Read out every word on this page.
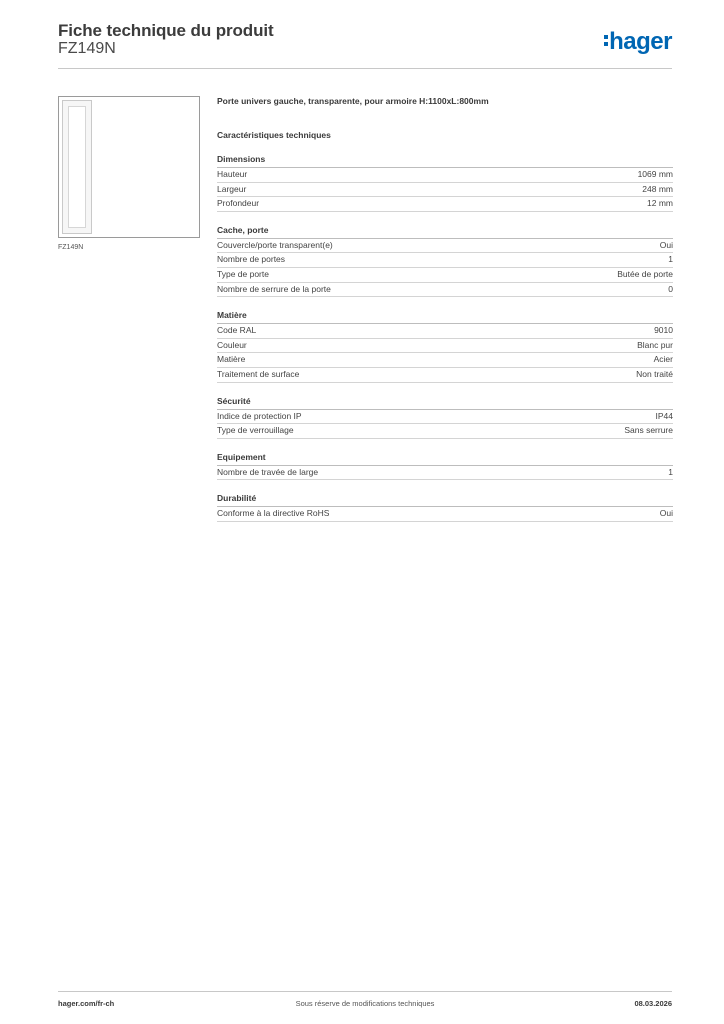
Fiche technique du produit
FZ149N	hager
FZ149N

Porte univers gauche, transparente, pour armoire H:1100xL:800mm

Caractéristiques techniques
Dimensions
Hauteur	1069 mm
Largeur	248 mm
Profondeur	12 mm
Cache, porte
Couvercle/porte transparent(e)	Oui
Nombre de portes	1
Type de porte	Butée de porte
Nombre de serrure de la porte	0
Matière
Code RAL	9010
Couleur	Blanc pur
Matière	Acier
Traitement de surface	Non traité
Sécurité
Indice de protection IP	IP44
Type de verrouillage	Sans serrure
Equipement
Nombre de travée de large	1
Durabilité
Conforme à la directive RoHS	Oui
hager.com/fr-ch	Sous réserve de modifications techniques	08.03.2026
